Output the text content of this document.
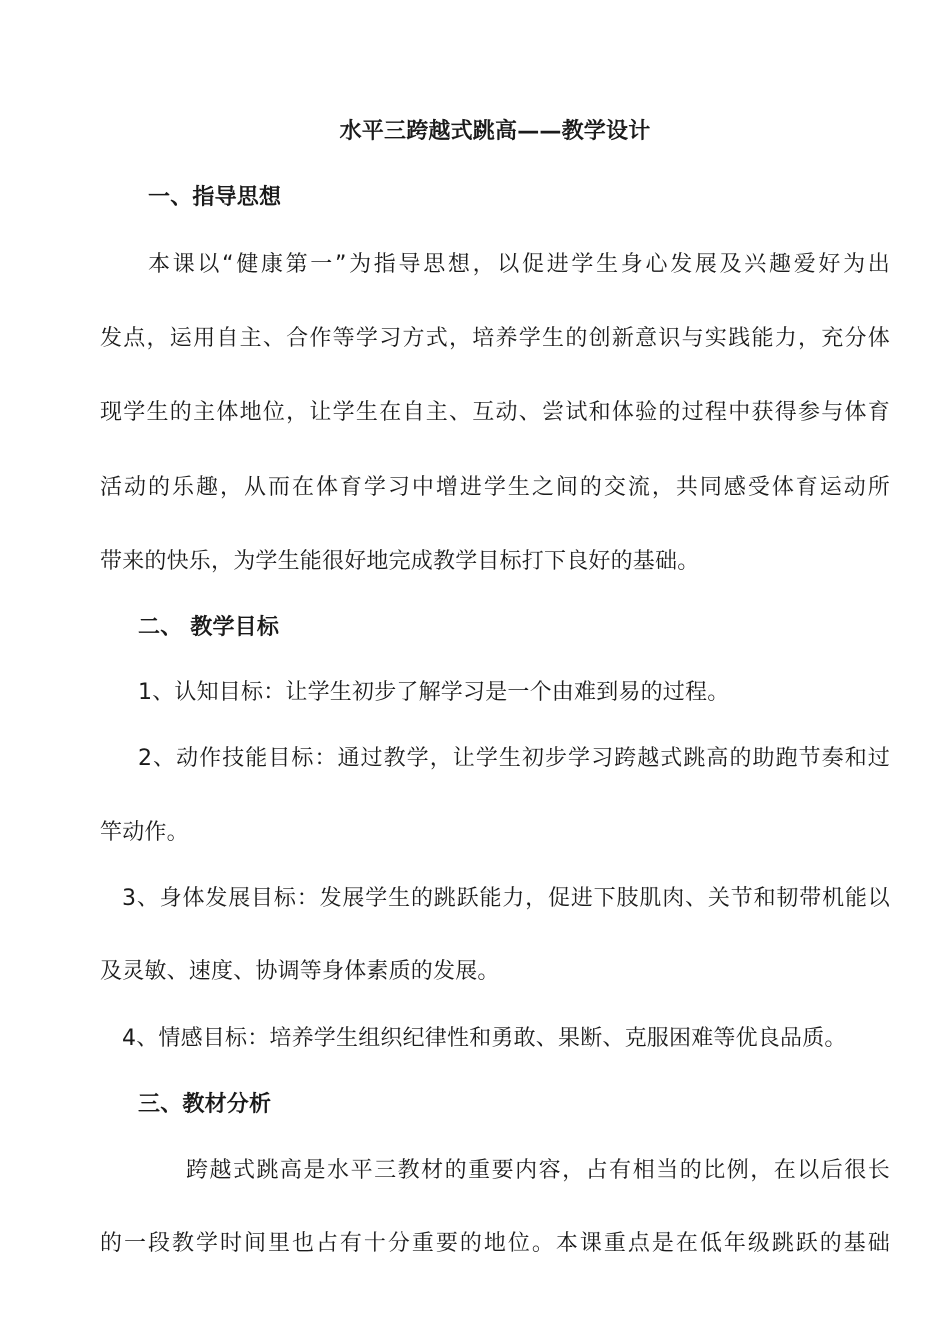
水平三跨越式跳高——教学设计
一、指导思想
本课以“健康第一”为指导思想，以促进学生身心发展及兴趣爱好为出
发点，运用自主、合作等学习方式，培养学生的创新意识与实践能力，充分体
现学生的主体地位，让学生在自主、互动、尝试和体验的过程中获得参与体育
活动的乐趣，从而在体育学习中增进学生之间的交流，共同感受体育运动所
带来的快乐，为学生能很好地完成教学目标打下良好的基础。
二、 教学目标
1、认知目标：让学生初步了解学习是一个由难到易的过程。
2、动作技能目标：通过教学，让学生初步学习跨越式跳高的助跑节奏和过
竿动作。
3、身体发展目标：发展学生的跳跃能力，促进下肢肌肉、关节和韧带机能以
及灵敏、速度、协调等身体素质的发展。
4、情感目标：培养学生组织纪律性和勇敢、果断、克服困难等优良品质。
三、教材分析
跨越式跳高是水平三教材的重要内容，占有相当的比例，在以后很长
的一段教学时间里也占有十分重要的地位。本课重点是在低年级跳跃的基础
